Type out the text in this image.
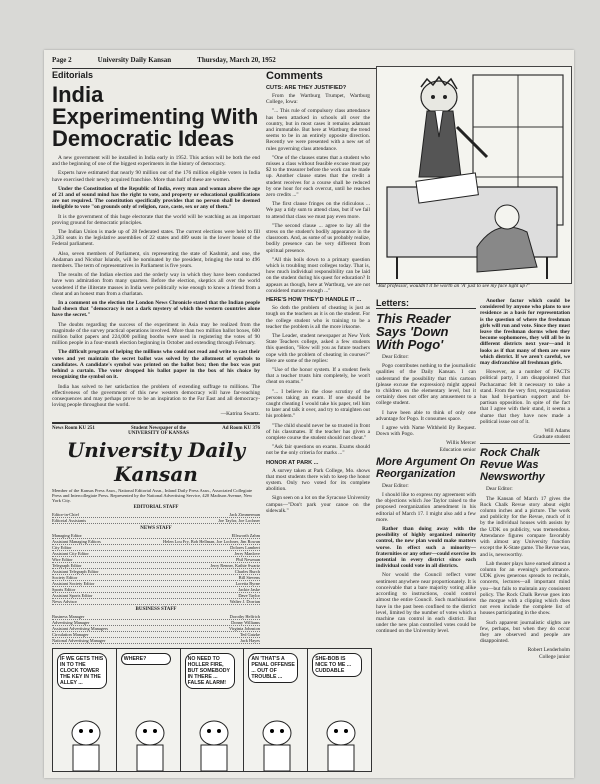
Page 2	University Daily Kansan	Thursday, March 20, 1952
Editorials
India Experimenting With Democratic Ideas

A new government will be installed in India early in 1952. This action will be both the end and the beginning of one of the biggest experiments in the history of democracy.

Experts have estimated that nearly 90 million out of the 176 million eligible voters in India have exercised their newly acquired franchise. More than half of these are women.

Under the Constitution of the Republic of India, every man and woman above the age of 21 and of sound mind has the right to vote, and property or educational qualifications are not required. The constitution specifically provides that no person shall be deemed ineligible to vote "on grounds only of religion, race, caste, sex or any of them."

It is the government of this huge electorate that the world will be watching as an important proving ground for democratic principles.

The Indian Union is made up of 28 federated states. The current elections were held to fill 3,283 seats in the legislative assemblies of 22 states and 489 seats in the lower house of the Federal parliament.

Also, seven members of Parliament, six representing the state of Kashmir, and one, the Andaman and Nicobar Islands, will be nominated by the president, bringing the total to 496 members. The term of representatives in Parliament is five years.

The results of the Indian election and the orderly way in which they have been conducted have won admiration from many quarters. Before the election, skeptics all over the world wondered if the illiterate masses in India were politically wise enough to know a friend from a cheat and an honest man from a charlatan.

In a comment on the election the London News Chronicle stated that the Indian people had shown that "democracy is not a dark mystery of which the western countries alone have the secret."

The doubts regarding the success of the experiment in Asia may be realized from the magnitude of the survey practical operations involved. More than two million ballot boxes, 600 million ballot papers and 224,000 polling booths were used in registering the votes of 90 million people in a four-month election beginning in October and extending through February.

The difficult program of helping the millions who could not read and write to cast their votes and yet maintain the secret ballot was solved by the allotment of symbols to candidates. A candidate's symbol was printed on the ballot box; then the box was put behind a curtain. The voter dropped his ballot paper in the box of his choice by recognizing the symbol on it.

India has solved to her satisfaction the problem of extending suffrage to millions. The effectiveness of the government of this new western democracy will have far-reaching consequences and may perhaps prove to be an inspiration to the Far East and all democracy-loving people throughout the world.

—Katrina Swartz.
News Room KU 251	Student Newspaper of the UNIVERSITY OF KANSAS
Ad Room KU 376
University Daily Kansan
Member of the Kansas Press Assn., National Editorial Assn., Inland Daily Press Assn., Associated Collegiate Press and Intercollegiate Press. Represented by the National Advertising Service, 420 Madison Avenue, New York City.
EDITORIAL STAFF
Editor-in-Chief	Jack Zimmerman
Editorial Assistants	Joe Taylor, Joe Lochner
NEWS STAFF
Managing Editor	Ellsworth Zahm
Assistant Managing Editors	Helen Lou Fry, Bob Hellman, Joe Lochner, Jim Rowan
City Editor	Dolores Lambert
Assistant City Editor	Jerry Manlove
Wire Editor	Phil Newman
Telegraph Editor	Jerry Renner, Kathie Swartz
Assistant Telegraph Editor	Charles Burch
Society Editor	Bill Stevens
Assistant Society Editor	Loretta Byrne
Sports Editor	Jackie Jaske
Assistant Sports Editor	Dave Taylor
News Advisor	Walter J. Dorrian
BUSINESS STAFF
Business Manager	Dorothy Helfrich
Advertising Manager	Donny Williams
Assistant Advertising Managers	Virginia Johnston
Circulation Manager	Ted Gatzke
National Advertising Manager	Jack Hayes
Comments
CUTS: ARE THEY JUSTIFIED?

From the Wartburg Trumpet, Wartburg College, Iowa:

"... This rule of compulsory class attendance has been attacked in schools all over the country, but in most cases it remains adamant and immutable. But here at Wartburg the trend seems to be in an entirely opposite direction. Recently we were presented with a new set of rules governing class attendance.

"One of the clauses states that a student who misses a class without feasible excuse must pay $2 to the treasurer before the work can be made up. Another clause states that the credit a student receives for a course shall be reduced by one hour for each overcut, until he reaches zero credits ..."

The first clause fringes on the ridiculous ... We pay a tidy sum to attend class, but if we fail to attend that class we must pay even more.

"The second clause ... agree to lay all the stress on the student's bodily appearance in the classroom. And, as some of us probably realize, bodily presence can be very different from spiritual presence.

"All this boils down to a primary question which is troubling most colleges today. That is, how much individual responsibility can be laid on the student during his quest for education? It appears as though, here at Wartburg, we are not considered mature enough ..."

HERE'S HOW THEY'D HANDLE IT ...

So doth the problem of cheating is just as tough on the teachers as it is on the student. For the college student who is training to be a teacher the problem is all the more irksome.

The Leader, student newspaper at New York State Teachers college, asked a few students this question, "How will you as future teachers cope with the problem of cheating in courses?" Here are some of the replies:

"Use of the honor system. If a student feels that a teacher trusts him completely, he won't cheat on exams."

"... I believe in the close scrutiny of the persons taking an exam. If one should be caught cheating I would take his paper, tell him to later and talk it over, and try to straighten out his problem."

"The child should never be so trusted in front of his classmates. If the teacher has given a complete course the student should not cheat."

"Ask fair questions on exams. Exams should not be the only criteria for marks ..."

HONOR AT PARK ...

A survey taken at Park College, Mo. shows that most students there wish to keep the honor system. Only two voted for its complete abolition.

Sign seen on a lot on the Syracuse University campus—"Don't park your canoe on the sidewalk."

"But professor, wouldn't it be worth an 'A' just to see my face light up?"
Letters:
This Reader Says 'Down With Pogo'

Dear Editor:

Pogo contributes nothing to the journalistic qualities of the Daily Kansan. I can understand the possibility that this cartoon (please excuse the expression) might appeal to children on the elementary level, but it certainly does not offer any amusement to a college student.

I have been able to think of only one advantage for Pogo. It consumes space.

I agree with Name Withheld By Request. Down with Pogo.

Willis Mercer
Education senior
More Argument On Reorganization

Dear Editor:

I should like to express my agreement with the objections which Joe Taylor raised to the proposed reorganization amendment in his editorial of March 17. I might also add a few more.

Rather than doing away with the possibility of highly organized minority control, the new plan would make matters worse. In effect such a minority—fraternities or any other—could exercise its potential in every district since each individual could vote in all districts.

Nor would the Council reflect voter sentiment anywhere near proportionately. It is conceivable that a bare majority voting alike according to instructions, could control almost the entire Council. Such machinations have in the past been confined to the district level, limited by the number of votes which a machine can control in each district. But under the new plan controlled votes could be continued on the University level.

Another factor which could be considered by anyone who plans to use residence as a basis for representation is the question of where the freshman girls will run and vote. Since they must leave the freshman dorms when they become sophomores, they will all be in different districts next year—and it looks as if that many of them are sure which district. If we aren't careful, we may disfranchise all freshman girls.

However, as a number of FACTS political party, I am disappointed that Pachacamac felt it necessary to take a stand. From the very first, reorganization has had bi-partisan support and bi-partisan opposition. In spite of the fact that I agree with their stand, it seems a shame that they have now made a political issue out of it.

Will Adams
Graduate student
Rock Chalk Revue Was Newsworthy

Dear Editor:

The Kansan of March 17 gives the Rock Chalk Revue story about eight column inches and a picture. The work and publicity for the Revue, much of it by the individual houses with assists by the UDK on publicity, was tremendous. Attendance figures compare favorably with almost any University function except the K-State game. The Revue was, and is, newsworthy.

Lab theater plays have earned almost a column for an evening's performance. UDK gives generous spreads to recitals, concerts, lectures—all important mind you—but fails to maintain any consistent policy. The Rock Chalk Revue goes into the morgue with a clipping which does not even include the complete list of houses participating in the show.

Such apparent journalistic slights are few, perhaps, but when they do occur they are observed and people are disappointed.

Robert Lenderholm
College junior
IF WE GETS THIS IN TO THE CLOCK TOWER THE KEY IN THE ALLEY ...
WHERE?	NO NEED TO HOLLER FIRE, BUT SOMEBODY IN THERE ... FALSE ALARM!
AN 'THAT'S A PENAL OFFENSE ... OUT OF TROUBLE ...
SHE-BOB IS NICE TO ME ... CUDDABLE
